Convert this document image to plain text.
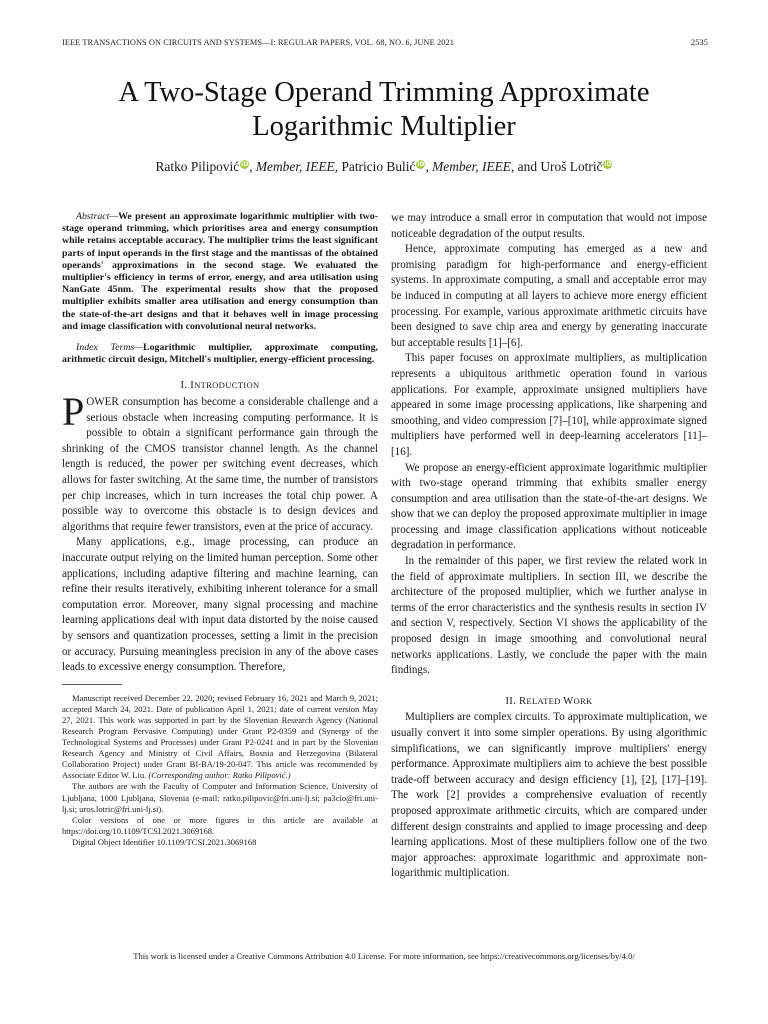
IEEE TRANSACTIONS ON CIRCUITS AND SYSTEMS—I: REGULAR PAPERS, VOL. 68, NO. 6, JUNE 2021	2535
A Two-Stage Operand Trimming Approximate
Logarithmic Multiplier
Ratko Pilipović iD, Member, IEEE, Patricio Bulić iD, Member, IEEE, and Uroš Lotrič iD

Abstract—We present an approximate logarithmic multiplier with two-stage operand trimming, which prioritises area and energy consumption while retains acceptable accuracy. The multiplier trims the least significant parts of input operands in the first stage and the mantissas of the obtained operands' approximations in the second stage. We evaluated the multiplier's efficiency in terms of error, energy, and area utilisation using NanGate 45nm. The experimental results show that the proposed multiplier exhibits smaller area utilisation and energy consumption than the state-of-the-art designs and that it behaves well in image processing and image classification with convolutional neural networks.

Index Terms—Logarithmic multiplier, approximate computing, arithmetic circuit design, Mitchell's multiplier, energy-efficient processing.

I. INTRODUCTION

POWER consumption has become a considerable challenge and a serious obstacle when increasing computing performance. It is possible to obtain a significant performance gain through the shrinking of the CMOS transistor channel length. As the channel length is reduced, the power per switching event decreases, which allows for faster switching. At the same time, the number of transistors per chip increases, which in turn increases the total chip power. A possible way to overcome this obstacle is to design devices and algorithms that require fewer transistors, even at the price of accuracy.

Many applications, e.g., image processing, can produce an inaccurate output relying on the limited human perception. Some other applications, including adaptive filtering and machine learning, can refine their results iteratively, exhibiting inherent tolerance for a small computation error. Moreover, many signal processing and machine learning applications deal with input data distorted by the noise caused by sensors and quantization processes, setting a limit in the precision or accuracy. Pursuing meaningless precision in any of the above cases leads to excessive energy consumption. Therefore,

Manuscript received December 22, 2020; revised February 16, 2021 and March 9, 2021; accepted March 24, 2021. Date of publication April 1, 2021; date of current version May 27, 2021. This work was supported in part by the Slovenian Research Agency (National Research Program Pervasive Computing) under Grant P2-0359 and (Synergy of the Technological Systems and Processes) under Grant P2-0241 and in part by the Slovenian Research Agency and Ministry of Civil Affairs, Bosnia and Herzegovina (Bilateral Collaboration Project) under Grant BI-BA/19-20-047. This article was recommended by Associate Editor W. Liu. (Corresponding author: Ratko Pilipović.)

The authors are with the Faculty of Computer and Information Science, University of Ljubljana, 1000 Ljubljana, Slovenia (e-mail: ratko.pilipovic@fri.uni-lj.si; pa3cio@fri.uni-lj.si; uros.lotric@fri.uni-lj.si).

Color versions of one or more figures in this article are available at https://doi.org/10.1109/TCSI.2021.3069168.

Digital Object Identifier 10.1109/TCSI.2021.3069168

we may introduce a small error in computation that would not impose noticeable degradation of the output results.

Hence, approximate computing has emerged as a new and promising paradigm for high-performance and energy-efficient systems. In approximate computing, a small and acceptable error may be induced in computing at all layers to achieve more energy efficient processing. For example, various approximate arithmetic circuits have been designed to save chip area and energy by generating inaccurate but acceptable results [1]–[6].

This paper focuses on approximate multipliers, as multiplication represents a ubiquitous arithmetic operation found in various applications. For example, approximate unsigned multipliers have appeared in some image processing applications, like sharpening and smoothing, and video compression [7]–[10], while approximate signed multipliers have performed well in deep-learning accelerators [11]–[16].

We propose an energy-efficient approximate logarithmic multiplier with two-stage operand trimming that exhibits smaller energy consumption and area utilisation than the state-of-the-art designs. We show that we can deploy the proposed approximate multiplier in image processing and image classification applications without noticeable degradation in performance.

In the remainder of this paper, we first review the related work in the field of approximate multipliers. In section III, we describe the architecture of the proposed multiplier, which we further analyse in terms of the error characteristics and the synthesis results in section IV and section V, respectively. Section VI shows the applicability of the proposed design in image smoothing and convolutional neural networks applications. Lastly, we conclude the paper with the main findings.

II. RELATED WORK

Multipliers are complex circuits. To approximate multiplication, we usually convert it into some simpler operations. By using algorithmic simplifications, we can significantly improve multipliers' energy performance. Approximate multipliers aim to achieve the best possible trade-off between accuracy and design efficiency [1], [2], [17]–[19]. The work [2] provides a comprehensive evaluation of recently proposed approximate arithmetic circuits, which are compared under different design constraints and applied to image processing and deep learning applications. Most of these multipliers follow one of the two major approaches: approximate logarithmic and approximate non-logarithmic multiplication.

This work is licensed under a Creative Commons Attribution 4.0 License. For more information, see https://creativecommons.org/licenses/by/4.0/
